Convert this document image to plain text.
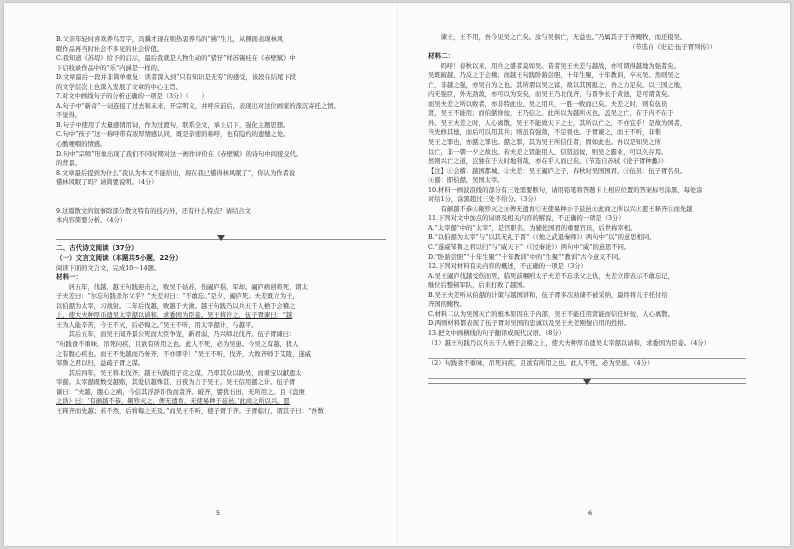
B.父亲年轻时喜欢养鸟写字，冯骥才现在则热衷养鸟的“拂”生儿，从侧面表现林风
眠作品再当时社会不多见的社会价值。
C.我知道《苏堤》给予的启示，最后我就是人物生动的“猪仔”样苏锡桂在《赤壁赋》中
下启收录作品中的“乐”内涵是一样的。
D.文章最后一段并非简单重复：读者深入到“只有知识是无穷”的感受，该段在结尾下段
的文学层次上也深入发展了文章的中心主旨。
7.对文中画线句子的分析正确的一项是（3分）（　　）
A.句子中“新奇”一词连接了过去和未来，开宗明义，并呼应前后，表现出对这位画家的深沉寄托之情。
不觉得。
B.句子中使用了大量感情用词，作为过渡句，联系全文，承上启下，强化主题思想。
C.句中“孩子”这一称呼带有浓厚情感认同，既是亲密的称呼，也有隐约的遗憾之处。
心酸哽咽的情感。
D.句中“宗师”形象出现了我们不同时期对这一画作评价在《赤壁赋》的诗句中间接交代。
的背景。
8.文章最后提到为什么“我认为本文不能给出，现在我已懂得林风眠了”，你认为作者说
懂林风眠了吗？请简要说明。（4分）
9.这篇散文的叙事除部分散文特有的技巧外，还有什么特点？请结合文
本内容简要分析。（4分）
二、古代诗文阅读（37分）
（一）文言文阅读（本题共5小题，22分）
阅读下面的文言文，完成10～14题。
材料一：
　　居五年，伐越，越王句践迎击之，败吴于姑苏，伤阖庐指，军却。阖庐病创将死，谓太
子夫差曰：“尔忘句践杀尔父乎？”夫差对曰：“不敢忘。”是夕，阖庐死。夫差既立为王，
以伯嚭为太宰，习战射。二年后伐越，败越于夫湫。越王句践乃以兵五千人栖于会稽之
上，使大夫种厚币遗吴太宰嚭以请和，求委国为臣妾。吴王将许之，伍子胥谏曰：“越
王为人能辛苦，今王不灭，后必悔之。”吴王不听，用太宰嚭计，与越平。
　　其后五年，而吴王闻齐景公死而大臣争宠，新君弱，乃兴师北伐齐。伍子胥谏曰：
“句践食不重味，吊死问疾，且欲有所用之也。此人不死，必为吴患。今吴之有越，犹人
之有腹心疾也。而王不先越而乃务齐，不亦谬乎！”吴王不听，伐齐，大败齐师于艾陵，遂威
邹鲁之君以归，益疏子胥之谋。
　　其后四年，吴王将北伐齐，越王句践用子贡之谋，乃率其众以助吴，而重宝以献遗太
宰嚭。太宰嚭既数受越赂，其爱信越殊甚，日夜为言于吴王。吴王信用嚭之计。伍子胥
谏曰：“夫越，腹心之病，今信其浮辞诈伪而贪齐。破齐，譬犹石田，无所用之。且《盘庚
之诰》曰：‘有颠越不恭，劓殄灭之，俾无遗育，无使易种于兹邑。’此商之所以兴。愿
王释齐而先越；若不然，后将悔之无及。”而吴王不听，使子胥于齐。子胥临行，谓其子曰：“吾数
5
　　谏王，王不用，吾今见吴之亡矣。汝与吴俱亡，无益也。”乃属其子于齐鲍牧，而还报吴。
（节选自《史记·伍子胥列传》）
材料二：
　　吗呼！春秋以来，用兵之盛者莫如吴。昔者吴王夫差与越战，亦可谓得越地为强者矣。
吴既破越，乃反之于会稽；而越王句践卧薪尝胆，十年生聚，十年教训，卒灭吴。然则吴之
亡，非越之强，亦吴自为之也。其所谓以吴之富，故以其国报之，吾之力足矣。以三国之地，
内无强臣，外无劲敌，亦可以为安矣，而吴王乃北伐齐，与晋争长于黄池，是可谓贪矣。
而吴夫差之所以败者，亦非特此也。吴之用兵，一胜一败而已矣。夫差之时，则有伍员
贤，吴王不能用；而伯嚭谗佞，王乃信之。此所以为越所灭也。盖吴之亡，在于内不在于
外。吴王夫差之时，人心离散，吴王不能致天下之士，其所以亡之，不亦宜乎！是故为国者，
当先修其德，而后可以用其兵；则虽有强敌，不足畏也。子胥谏之，而王不听，非惟
吴王之罪也，亦嚭之罪也。嚭之罪，其为吴王所信任者，固如此也。吾以是知吴之所
以亡，非一朝一夕之故也。若夫差之贤能用人，信贤远佞，则吴之霸业，可以久存焉。
然则兴亡之道，岂独在于天时地利哉，亦在乎人而已矣。（节选自苏轼《论子胥种蠡》）
【注】①会稽：越国都城。②夫差：吴王阖庐之子，春秋时吴国国君。③伍员：伍子胥名员。
④嚭：即伯嚭，吴国太宰。
10.材料一画波浪线的部分有三处需要断句，请用铅笔将答题卡上相应位置的答案标号涂黑，每处涂
对给1分，涂黑超过三处不给分。（3分）
　　有颠越不恭Ⓐ劓殄灭之Ⓑ俾无遗育Ⓒ无使易种Ⓓ于兹邑Ⓔ此商之所以兴Ⓕ愿王释齐Ⓖ而先越
11.下列对文中加点的词语及相关内容的解说，不正确的一项是（3分）
A.“太宰嚭”中的“太宰”，是官职名，为辅佐国君的重要官员，后世称宰相。
B.“以伯嚭为太宰”与“以其无礼于晋”（《烛之武退秦师》）两句中“以”的意思相同。
C.“遂威邹鲁之君以归”与“威天下”（《过秦论》）两句中“威”的意思不同。
D.“卧薪尝胆”“十年生聚”“十年教训”中的“生聚”“教训”古今意义不同。
12.下列对材料有关内容的概述，不正确的一项是（3分）
A.吴王阖庐伐越受伤而死，临死前嘱咐太子夫差不忘杀父之仇，夫差立即表示不敢忘记，
继位后整顿军队，后来打败了越国。
B.吴王夫差听从伯嚭的计策与越国讲和，伍子胥多次劝谏不被采纳，最终将儿子托付给
齐国的鲍牧。
C.材料二认为吴国灭亡的根本原因在于内部，吴王不能任用贤能而信任奸佞，人心离散。
D.两则材料都表现了伍子胥对吴国的忠诚以及吴王夫差刚愎自用的性格。
13.把文中画横线的句子翻译成现代汉语。（8分）
（1）越王句践乃以兵五千人栖于会稽之上，使大夫种厚币遗吴太宰嚭以请和，求委国为臣妾。（4分）
（2）句践食不重味，吊死问疾，且欲有所用之也。此人不死，必为吴患。（4分）
6
